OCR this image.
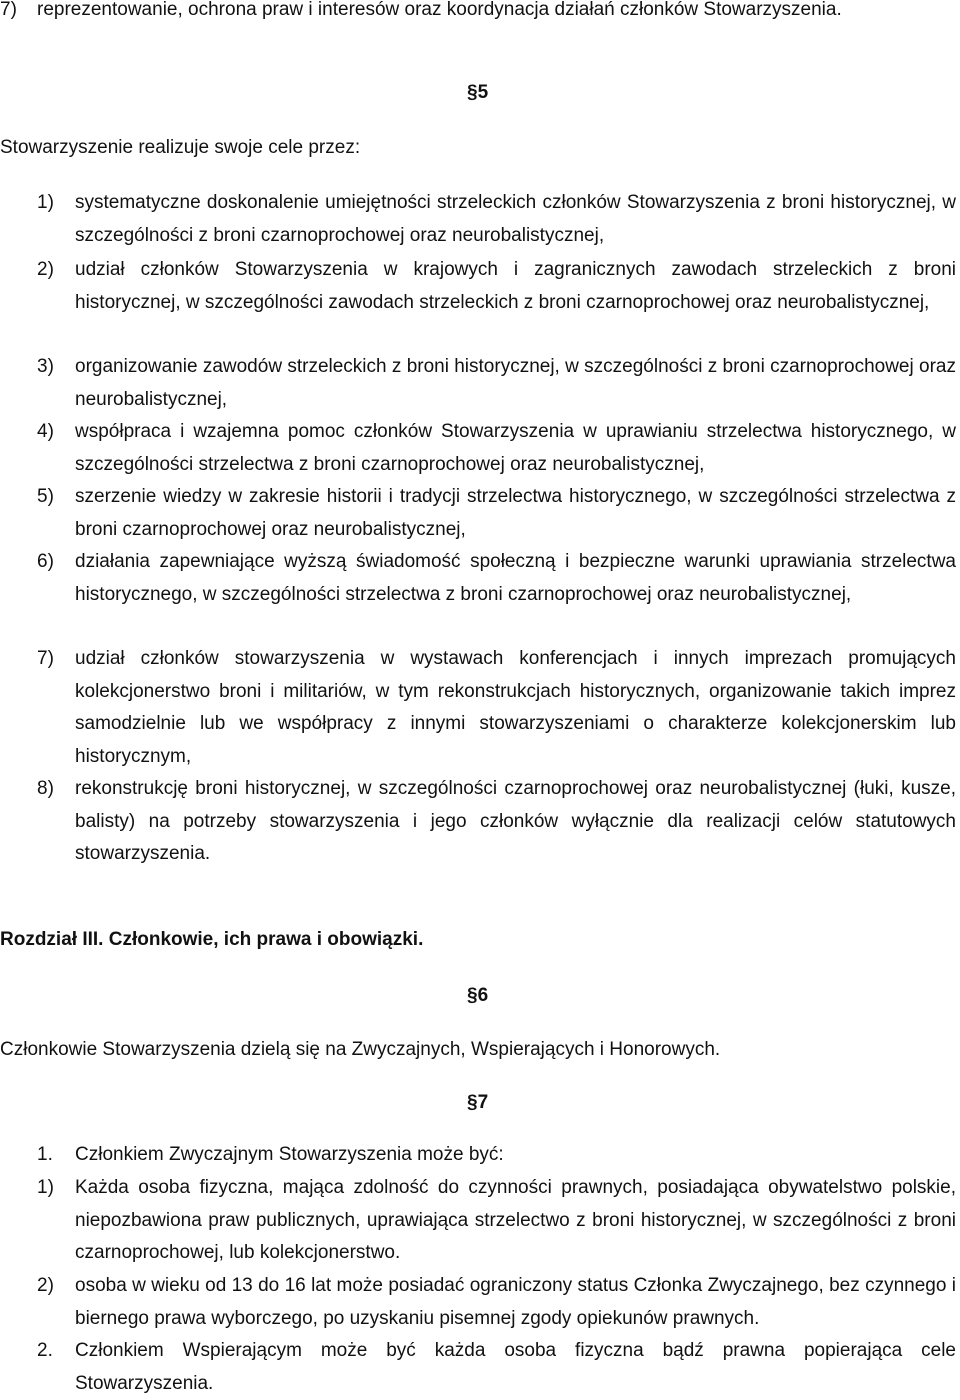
7)	reprezentowanie, ochrona praw i interesów oraz koordynacja działań członków Stowarzyszenia.
§5
Stowarzyszenie realizuje swoje cele przez:
1) systematyczne doskonalenie umiejętności strzeleckich członków Stowarzyszenia z broni historycznej, w szczególności z broni czarnoprochowej oraz neurobalistycznej,
2) udział członków Stowarzyszenia w krajowych i zagranicznych zawodach strzeleckich z broni historycznej, w szczególności zawodach strzeleckich z broni czarnoprochowej oraz neurobalistycznej,
3) organizowanie zawodów strzeleckich z broni historycznej, w szczególności z broni czarnoprochowej oraz neurobalistycznej,
4) współpraca i wzajemna pomoc członków Stowarzyszenia w uprawianiu strzelectwa historycznego, w szczególności strzelectwa z broni czarnoprochowej oraz neurobalistycznej,
5) szerzenie wiedzy w zakresie historii i tradycji strzelectwa historycznego, w szczególności strzelectwa z broni czarnoprochowej oraz neurobalistycznej,
6) działania zapewniające wyższą świadomość społeczną i bezpieczne warunki uprawiania strzelectwa historycznego, w szczególności strzelectwa z broni czarnoprochowej oraz neurobalistycznej,
7) udział członków stowarzyszenia w wystawach konferencjach i innych imprezach promujących kolekcjonerstwo broni i militariów, w tym rekonstrukcjach historycznych, organizowanie takich imprez samodzielnie lub we współpracy z innymi stowarzyszeniami o charakterze kolekcjonerskim lub historycznym,
8) rekonstrukcję broni historycznej, w szczególności czarnoprochowej oraz neurobalistycznej (łuki, kusze, balisty) na potrzeby stowarzyszenia i jego członków wyłącznie dla realizacji celów statutowych stowarzyszenia.
Rozdział III. Członkowie, ich prawa i obowiązki.
§6
Członkowie Stowarzyszenia dzielą się na Zwyczajnych, Wspierających i Honorowych.
§7
1. Członkiem Zwyczajnym Stowarzyszenia może być:
1) Każda osoba fizyczna, mająca zdolność do czynności prawnych, posiadająca obywatelstwo polskie, niepozbawiona praw publicznych, uprawiająca strzelectwo z broni historycznej, w szczególności z broni czarnoprochowej, lub kolekcjonerstwo.
2) osoba w wieku od 13 do 16 lat może posiadać ograniczony status Członka Zwyczajnego, bez czynnego i biernego prawa wyborczego, po uzyskaniu pisemnej zgody opiekunów prawnych.
2. Członkiem Wspierającym może być każda osoba fizyczna bądź prawna popierająca cele Stowarzyszenia.
